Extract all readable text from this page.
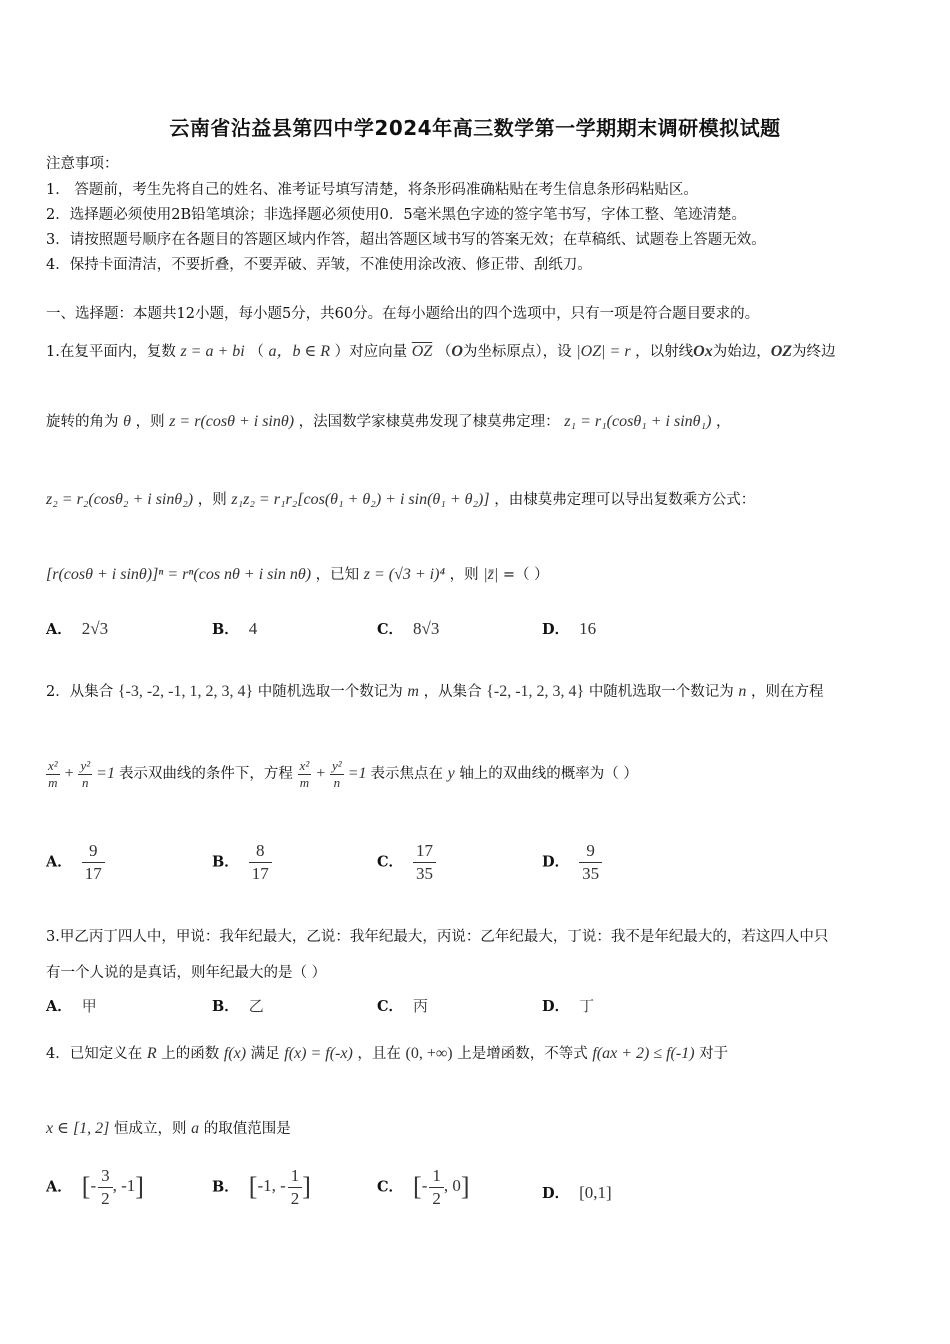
云南省沾益县第四中学2024年高三数学第一学期期末调研模拟试题
注意事项：
1． 答题前，考生先将自己的姓名、准考证号填写清楚，将条形码准确粘贴在考生信息条形码粘贴区。
2．选择题必须使用2B铅笔填涂；非选择题必须使用0．5毫米黑色字迹的签字笔书写，字体工整、笔迹清楚。
3．请按照题号顺序在各题目的答题区域内作答，超出答题区域书写的答案无效；在草稿纸、试题卷上答题无效。
4．保持卡面清洁，不要折叠，不要弄破、弄皱，不准使用涂改液、修正带、刮纸刀。
一、选择题：本题共12小题，每小题5分，共60分。在每小题给出的四个选项中，只有一项是符合题目要求的。
1.在复平面内，复数 z = a + bi （ a，b ∈ R ）对应向量 $\overline{OZ}$ （O为坐标原点），设 |OZ| = r ，以射线Ox为始边，OZ为终边
旋转的角为 θ ，则 z = r(cosθ + i sinθ) ，法国数学家棣莫弗发现了棣莫弗定理： z₁ = r₁(cosθ₁ + i sinθ₁) ，
z₂ = r₂(cosθ₂ + i sinθ₂) ，则 z₁z₂ = r₁r₂[cos(θ₁ + θ₂) + i sin(θ₁ + θ₂)] ，由棣莫弗定理可以导出复数乘方公式：
[r(cosθ + i sinθ)]ⁿ = rⁿ(cos nθ + i sin nθ) ，已知 z = (√3 + i)⁴ ，则 |z̄| =（ ）
A． 2√3	B． 4	C． 8√3	D． 16
2．从集合 {-3, -2, -1, 1, 2, 3, 4} 中随机选取一个数记为 m ，从集合 {-2, -1, 2, 3, 4} 中随机选取一个数记为 n ，则在方程
$\frac{\text{x²}}{m} + \frac{\text{y²}}{n} =1$ 表示双曲线的条件下，方程 $\frac{\text{x²}}{m} + \frac{\text{y²}}{n} =1$ 表示焦点在 y 轴上的双曲线的概率为（ ）
A． $\frac{9}{17}$	B． $\frac{8}{17}$	C． $\frac{17}{35}$	D． $\frac{9}{35}$
3.甲乙丙丁四人中，甲说：我年纪最大，乙说：我年纪最大，丙说：乙年纪最大，丁说：我不是年纪最大的，若这四人中只
有一个人说的是真话，则年纪最大的是（ ）
A． 甲	B． 乙	C． 丙	D． 丁
4．已知定义在 R 上的函数 f(x) 满足 f(x) = f(-x) ，且在 (0, +∞) 上是增函数，不等式 f(ax + 2) ≤ f(-1) 对于
x ∈ [1, 2] 恒成立，则 a 的取值范围是
A． [- $\frac{3}{2}$ , -1]	B． [-1, - $\frac{1}{2}$ ]	C． [- $\frac{1}{2}$ , 0]	D． [0,1]
